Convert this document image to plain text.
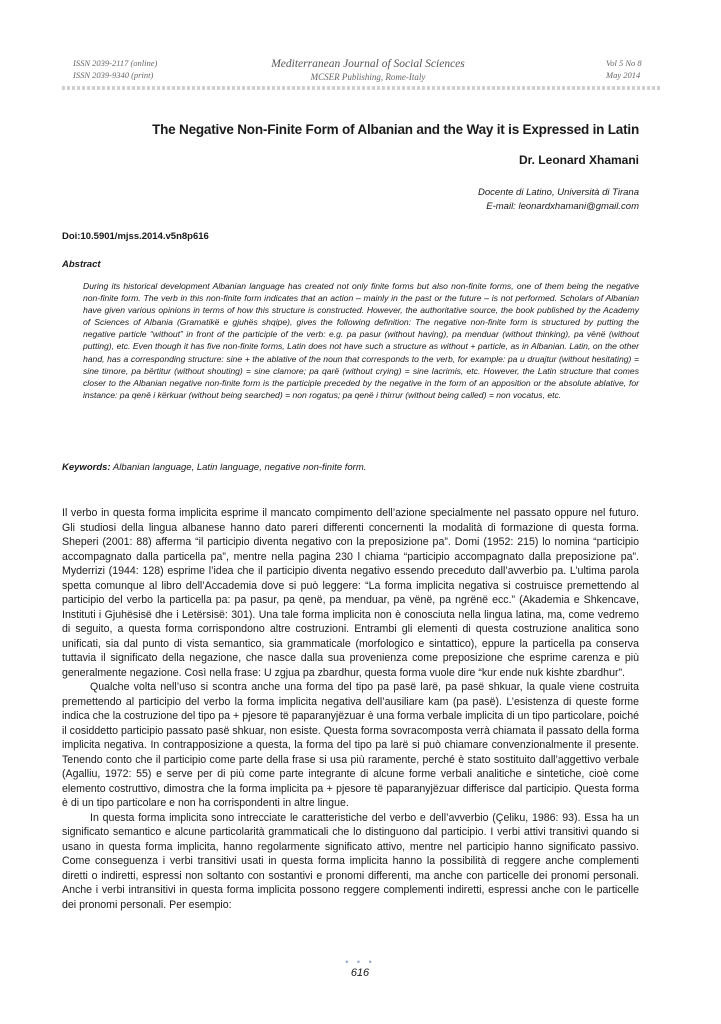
ISSN 2039-2117 (online)
ISSN 2039-9340 (print)
Mediterranean Journal of Social Sciences
MCSER Publishing, Rome-Italy
Vol 5 No 8
May 2014
The Negative Non-Finite Form of Albanian and the Way it is Expressed in Latin
Dr. Leonard Xhamani
Docente di Latino, Università di Tirana
E-mail: leonardxhamani@gmail.com
Doi:10.5901/mjss.2014.v5n8p616
Abstract
During its historical development Albanian language has created not only finite forms but also non-finite forms, one of them being the negative non-finite form. The verb in this non-finite form indicates that an action – mainly in the past or the future – is not performed. Scholars of Albanian have given various opinions in terms of how this structure is constructed. However, the authoritative source, the book published by the Academy of Sciences of Albania (Gramatikë e gjuhës shqipe), gives the following definition: The negative non-finite form is structured by putting the negative particle “without” in front of the participle of the verb: e.g. pa pasur (without having), pa menduar (without thinking), pa vënë (without putting), etc. Even though it has five non-finite forms, Latin does not have such a structure as without + particle, as in Albanian. Latin, on the other hand, has a corresponding structure: sine + the ablative of the noun that corresponds to the verb, for example: pa u druajtur (without hesitating) = sine timore, pa bërtitur (without shouting) = sine clamore; pa qarë (without crying) = sine lacrimis, etc. However, the Latin structure that comes closer to the Albanian negative non-finite form is the participle preceded by the negative in the form of an apposition or the absolute ablative, for instance: pa qenë i kërkuar (without being searched) = non rogatus; pa qenë i thirrur (without being called) = non vocatus, etc.
Keywords: Albanian language, Latin language, negative non-finite form.

Il verbo in questa forma implicita esprime il mancato compimento dell’azione specialmente nel passato oppure nel futuro. Gli studiosi della lingua albanese hanno dato pareri differenti concernenti la modalità di formazione di questa forma. Sheperi (2001: 88) afferma “il participio diventa negativo con la preposizione pa”. Domi (1952: 215) lo nomina “participio accompagnato dalla particella pa”, mentre nella pagina 230 l chiama “participio accompagnato dalla preposizione pa”. Myderrizi (1944: 128) esprime l’idea che il participio diventa negativo essendo preceduto dall’avverbio pa. L’ultima parola spetta comunque al libro dell’Accademia dove si può leggere: “La forma implicita negativa si costruisce premettendo al participio del verbo la particella pa: pa pasur, pa qenë, pa menduar, pa vënë, pa ngrënë ecc.” (Akademia e Shkencave, Instituti i Gjuhësisë dhe i Letërsisë: 301). Una tale forma implicita non è conosciuta nella lingua latina, ma, come vedremo di seguito, a questa forma corrispondono altre costruzioni. Entrambi gli elementi di questa costruzione analitica sono unificati, sia dal punto di vista semantico, sia grammaticale (morfologico e sintattico), eppure la particella pa conserva tuttavia il significato della negazione, che nasce dalla sua provenienza come preposizione che esprime carenza e più generalmente negazione. Così nella frase: U zgjua pa zbardhur, questa forma vuole dire “kur ende nuk kishte zbardhur”.

Qualche volta nell’uso si scontra anche una forma del tipo pa pasë larë, pa pasë shkuar, la quale viene costruita premettendo al participio del verbo la forma implicita negativa dell’ausiliare kam (pa pasë). L’esistenza di queste forme indica che la costruzione del tipo pa + pjesore të paparanyjëzuar è una forma verbale implicita di un tipo particolare, poiché il cosiddetto participio passato pasë shkuar, non esiste. Questa forma sovracomposta verrà chiamata il passato della forma implicita negativa. In contrapposizione a questa, la forma del tipo pa larë si può chiamare convenzionalmente il presente. Tenendo conto che il participio come parte della frase si usa più raramente, perché è stato sostituito dall’aggettivo verbale (Agalliu, 1972: 55) e serve per di più come parte integrante di alcune forme verbali analitiche e sintetiche, cioè come elemento costruttivo, dimostra che la forma implicita pa + pjesore të paparanyjëzuar differisce dal participio. Questa forma è di un tipo particolare e non ha corrispondenti in altre lingue.

In questa forma implicita sono intrecciate le caratteristiche del verbo e dell’avverbio (Çeliku, 1986: 93). Essa ha un significato semantico e alcune particolarità grammaticali che lo distinguono dal participio. I verbi attivi transitivi quando si usano in questa forma implicita, hanno regolarmente significato attivo, mentre nel participio hanno significato passivo. Come conseguenza i verbi transitivi usati in questa forma implicita hanno la possibilità di reggere anche complementi diretti o indiretti, espressi non soltanto con sostantivi e pronomi differenti, ma anche con particelle dei pronomi personali. Anche i verbi intransitivi in questa forma implicita possono reggere complementi indiretti, espressi anche con le particelle dei pronomi personali. Per esempio:

• • •
616
